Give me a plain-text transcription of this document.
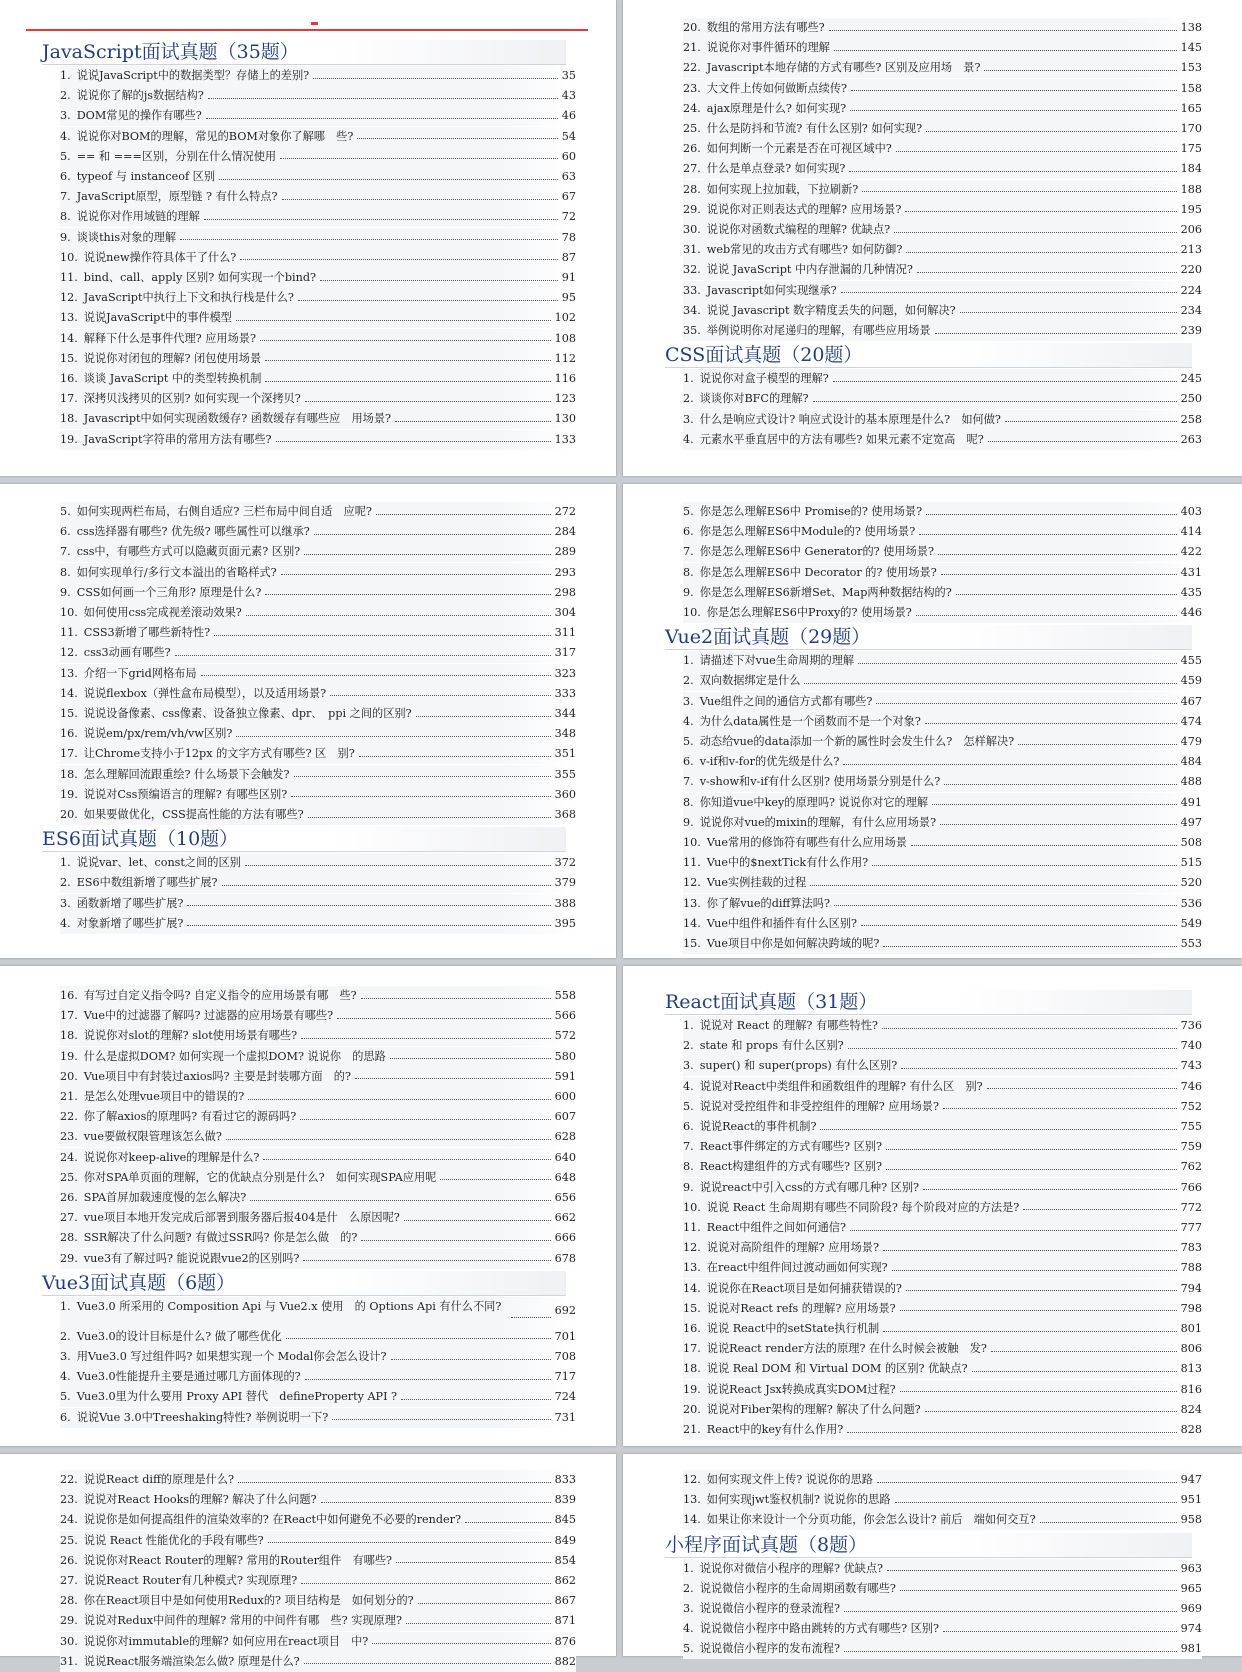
JavaScript面试真题（35题）
1. 说说JavaScript中的数据类型？存储上的差别?	35
2. 说说你了解的js数据结构?	43
3. DOM常见的操作有哪些?	46
4. 说说你对BOM的理解，常见的BOM对象你了解哪　些?	54
5. == 和 ===区别，分别在什么情况使用	60
6. typeof 与 instanceof 区别	63
7. JavaScript原型，原型链 ? 有什么特点?	67
8. 说说你对作用域链的理解	72
9. 谈谈this对象的理解	78
10. 说说new操作符具体干了什么?	87
11. bind、call、apply 区别? 如何实现一个bind?	91
12. JavaScript中执行上下文和执行栈是什么?	95
13. 说说JavaScript中的事件模型	102
14. 解释下什么是事件代理? 应用场景?	108
15. 说说你对闭包的理解? 闭包使用场景	112
16. 谈谈 JavaScript 中的类型转换机制	116
17. 深拷贝浅拷贝的区别? 如何实现一个深拷贝?	123
18. Javascript中如何实现函数缓存? 函数缓存有哪些应　用场景?	130
19. JavaScript字符串的常用方法有哪些?	133
5. 如何实现两栏布局，右侧自适应? 三栏布局中间自适　应呢?	272
6. css选择器有哪些? 优先级? 哪些属性可以继承?	284
7. css中，有哪些方式可以隐藏页面元素? 区别?	289
8. 如何实现单行/多行文本溢出的省略样式?	293
9. CSS如何画一个三角形? 原理是什么?	298
10. 如何使用css完成视差滚动效果?	304
11. CSS3新增了哪些新特性?	311
12. css3动画有哪些?	317
13. 介绍一下grid网格布局	323
14. 说说flexbox（弹性盒布局模型），以及适用场景?	333
15. 说说设备像素、css像素、设备独立像素、dpr、　ppi 之间的区别?	344
16. 说说em/px/rem/vh/vw区别?	348
17. 让Chrome支持小于12px 的文字方式有哪些? 区　别?	351
18. 怎么理解回流跟重绘? 什么场景下会触发?	355
19. 说说对Css预编语言的理解? 有哪些区别?	360
20. 如果要做优化，CSS提高性能的方法有哪些?	368
ES6面试真题（10题）
1. 说说var、let、const之间的区别	372
2. ES6中数组新增了哪些扩展?	379
3. 函数新增了哪些扩展?	388
4. 对象新增了哪些扩展?	395
16. 有写过自定义指令吗? 自定义指令的应用场景有哪　些?	558
17. Vue中的过滤器了解吗? 过滤器的应用场景有哪些?	566
18. 说说你对slot的理解? slot使用场景有哪些?	572
19. 什么是虚拟DOM? 如何实现一个虚拟DOM? 说说你　的思路	580
20. Vue项目中有封装过axios吗? 主要是封装哪方面　的?	591
21. 是怎么处理vue项目中的错误的?	600
22. 你了解axios的原理吗? 有看过它的源码吗?	607
23. vue要做权限管理该怎么做?	628
24. 说说你对keep-alive的理解是什么?	640
25. 你对SPA单页面的理解，它的优缺点分别是什么?　如何实现SPA应用呢	648
26. SPA首屏加载速度慢的怎么解决?	656
27. vue项目本地开发完成后部署到服务器后报404是什　么原因呢?	662
28. SSR解决了什么问题? 有做过SSR吗? 你是怎么做　的?	666
29. vue3有了解过吗? 能说说跟vue2的区别吗?	678
Vue3面试真题（6题）
1. Vue3.0 所采用的 Composition Api 与 Vue2.x 使用　的 Options Api 有什么不同?	692
2. Vue3.0的设计目标是什么? 做了哪些优化	701
3. 用Vue3.0 写过组件吗? 如果想实现一个 Modal你会怎么设计?	708
4. Vue3.0性能提升主要是通过哪几方面体现的?	717
5. Vue3.0里为什么要用 Proxy API 替代　defineProperty API ?	724
6. 说说Vue 3.0中Treeshaking特性? 举例说明一下?	731
22. 说说React diff的原理是什么?	833
23. 说说对React Hooks的理解? 解决了什么问题?	839
24. 说说你是如何提高组件的渲染效率的? 在React中如何避免不必要的render?	845
25. 说说 React 性能优化的手段有哪些?	849
26. 说说你对React Router的理解? 常用的Router组件　有哪些?	854
27. 说说React Router有几种模式? 实现原理?	862
28. 你在React项目中是如何使用Redux的? 项目结构是　如何划分的?	867
29. 说说对Redux中间件的理解? 常用的中间件有哪　些? 实现原理?	871
30. 说说你对immutable的理解? 如何应用在react项目　中?	876
31. 说说React服务端渲染怎么做? 原理是什么?	882
20. 数组的常用方法有哪些?	138
21. 说说你对事件循环的理解	145
22. Javascript本地存储的方式有哪些? 区别及应用场　景?	153
23. 大文件上传如何做断点续传?	158
24. ajax原理是什么? 如何实现?	165
25. 什么是防抖和节流? 有什么区别? 如何实现?	170
26. 如何判断一个元素是否在可视区域中?	175
27. 什么是单点登录? 如何实现?	184
28. 如何实现上拉加载，下拉刷新?	188
29. 说说你对正则表达式的理解? 应用场景?	195
30. 说说你对函数式编程的理解? 优缺点?	206
31. web常见的攻击方式有哪些? 如何防御?	213
32. 说说 JavaScript 中内存泄漏的几种情况?	220
33. Javascript如何实现继承?	224
34. 说说 Javascript 数字精度丢失的问题，如何解决?	234
35. 举例说明你对尾递归的理解，有哪些应用场景	239
CSS面试真题（20题）
1. 说说你对盒子模型的理解?	245
2. 谈谈你对BFC的理解?	250
3. 什么是响应式设计? 响应式设计的基本原理是什么?　如何做?	258
4. 元素水平垂直居中的方法有哪些? 如果元素不定宽高　呢?	263
5. 你是怎么理解ES6中 Promise的? 使用场景?	403
6. 你是怎么理解ES6中Module的? 使用场景?	414
7. 你是怎么理解ES6中 Generator的? 使用场景?	422
8. 你是怎么理解ES6中 Decorator 的? 使用场景?	431
9. 你是怎么理解ES6新增Set、Map两种数据结构的?	435
10. 你是怎么理解ES6中Proxy的? 使用场景?	446
Vue2面试真题（29题）
1. 请描述下对vue生命周期的理解	455
2. 双向数据绑定是什么	459
3. Vue组件之间的通信方式都有哪些?	467
4. 为什么data属性是一个函数而不是一个对象?	474
5. 动态给vue的data添加一个新的属性时会发生什么?　怎样解决?	479
6. v-if和v-for的优先级是什么?	484
7. v-show和v-if有什么区别? 使用场景分别是什么?	488
8. 你知道vue中key的原理吗? 说说你对它的理解	491
9. 说说你对vue的mixin的理解，有什么应用场景?	497
10. Vue常用的修饰符有哪些有什么应用场景	508
11. Vue中的$nextTick有什么作用?	515
12. Vue实例挂载的过程	520
13. 你了解vue的diff算法吗?	536
14. Vue中组件和插件有什么区别?	549
15. Vue项目中你是如何解决跨域的呢?	553
React面试真题（31题）
1. 说说对 React 的理解? 有哪些特性?	736
2. state 和 props 有什么区别?	740
3. super() 和 super(props) 有什么区别?	743
4. 说说对React中类组件和函数组件的理解? 有什么区　别?	746
5. 说说对受控组件和非受控组件的理解? 应用场景?	752
6. 说说React的事件机制?	755
7. React事件绑定的方式有哪些? 区别?	759
8. React构建组件的方式有哪些? 区别?	762
9. 说说react中引入css的方式有哪几种? 区别?	766
10. 说说 React 生命周期有哪些不同阶段? 每个阶段对应的方法是?	772
11. React中组件之间如何通信?	777
12. 说说对高阶组件的理解? 应用场景?	783
13. 在react中组件间过渡动画如何实现?	788
14. 说说你在React项目是如何捕获错误的?	794
15. 说说对React refs 的理解? 应用场景?	798
16. 说说 React中的setState执行机制	801
17. 说说React render方法的原理? 在什么时候会被触　发?	806
18. 说说 Real DOM 和 Virtual DOM 的区别? 优缺点?	813
19. 说说React Jsx转换成真实DOM过程?	816
20. 说说对Fiber架构的理解? 解决了什么问题?	824
21. React中的key有什么作用?	828
12. 如何实现文件上传? 说说你的思路	947
13. 如何实现jwt鉴权机制? 说说你的思路	951
14. 如果让你来设计一个分页功能，你会怎么设计? 前后　端如何交互?	958
小程序面试真题（8题）
1. 说说你对微信小程序的理解? 优缺点?	963
2. 说说微信小程序的生命周期函数有哪些?	965
3. 说说微信小程序的登录流程?	969
4. 说说微信小程序中路由跳转的方式有哪些? 区别?	974
5. 说说微信小程序的发布流程?	981
